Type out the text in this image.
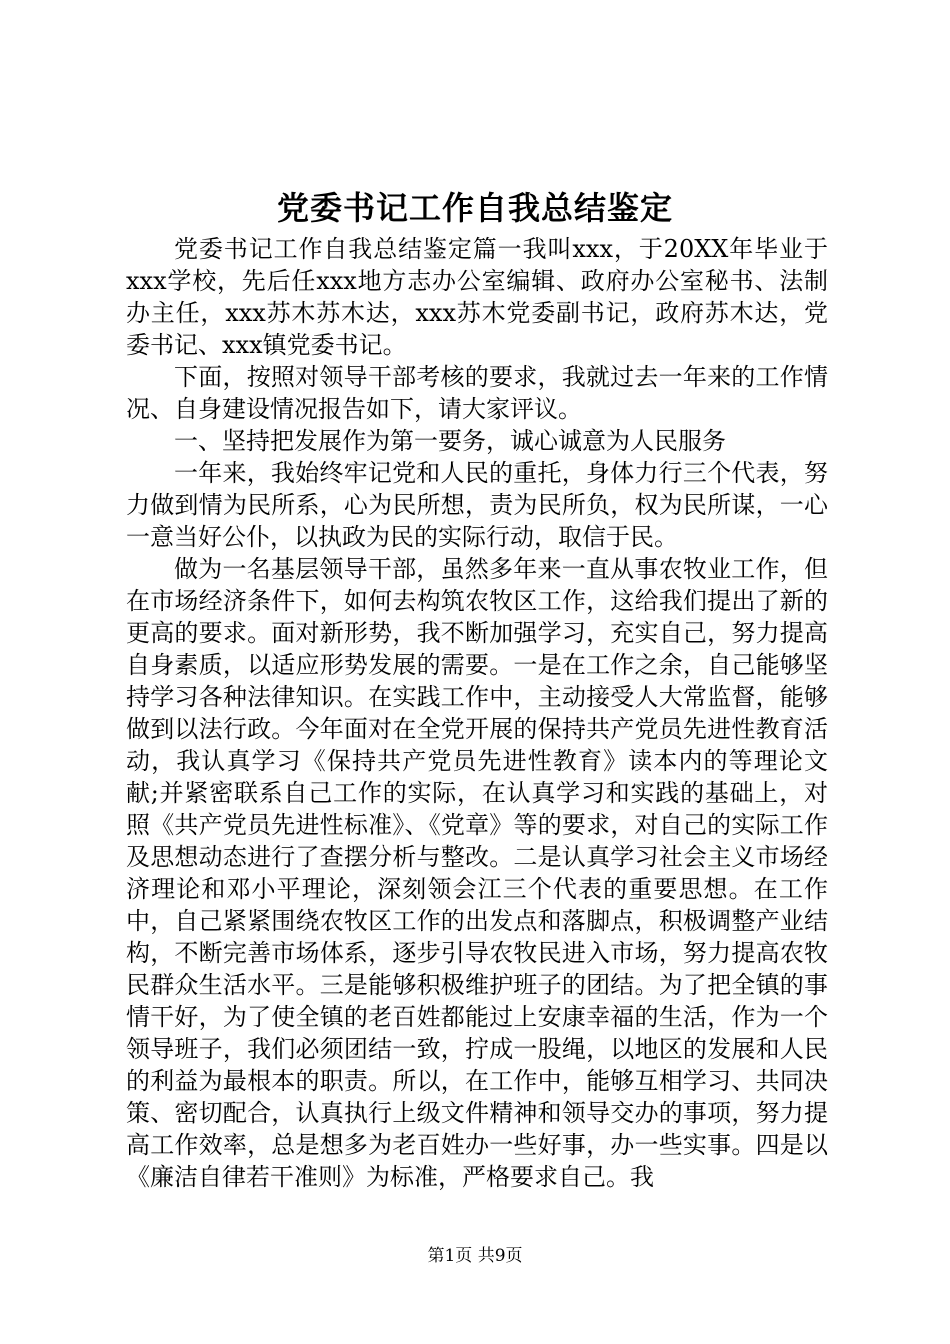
党委书记工作自我总结鉴定

党委书记工作自我总结鉴定篇一我叫xxx，于20XX年毕业于xxx学校，先后任xxx地方志办公室编辑、政府办公室秘书、法制办主任，xxx苏木苏木达，xxx苏木党委副书记，政府苏木达，党委书记、xxx镇党委书记。

下面，按照对领导干部考核的要求，我就过去一年来的工作情况、自身建设情况报告如下，请大家评议。

一、坚持把发展作为第一要务，诚心诚意为人民服务

一年来，我始终牢记党和人民的重托，身体力行三个代表，努力做到情为民所系，心为民所想，责为民所负，权为民所谋，一心一意当好公仆，以执政为民的实际行动，取信于民。

做为一名基层领导干部，虽然多年来一直从事农牧业工作，但在市场经济条件下，如何去构筑农牧区工作，这给我们提出了新的更高的要求。面对新形势，我不断加强学习，充实自己，努力提高自身素质，以适应形势发展的需要。一是在工作之余，自己能够坚持学习各种法律知识。在实践工作中，主动接受人大常监督，能够做到以法行政。今年面对在全党开展的保持共产党员先进性教育活动，我认真学习《保持共产党员先进性教育》读本内的等理论文献;并紧密联系自己工作的实际，在认真学习和实践的基础上，对照《共产党员先进性标准》、《党章》等的要求，对自己的实际工作及思想动态进行了查摆分析与整改。二是认真学习社会主义市场经济理论和邓小平理论，深刻领会江三个代表的重要思想。在工作中，自己紧紧围绕农牧区工作的出发点和落脚点，积极调整产业结构，不断完善市场体系，逐步引导农牧民进入市场，努力提高农牧民群众生活水平。三是能够积极维护班子的团结。为了把全镇的事情干好，为了使全镇的老百姓都能过上安康幸福的生活，作为一个领导班子，我们必须团结一致，拧成一股绳，以地区的发展和人民的利益为最根本的职责。所以，在工作中，能够互相学习、共同决策、密切配合，认真执行上级文件精神和领导交办的事项，努力提高工作效率，总是想多为老百姓办一些好事，办一些实事。四是以《廉洁自律若干准则》为标准，严格要求自己。我

第1页 共9页
